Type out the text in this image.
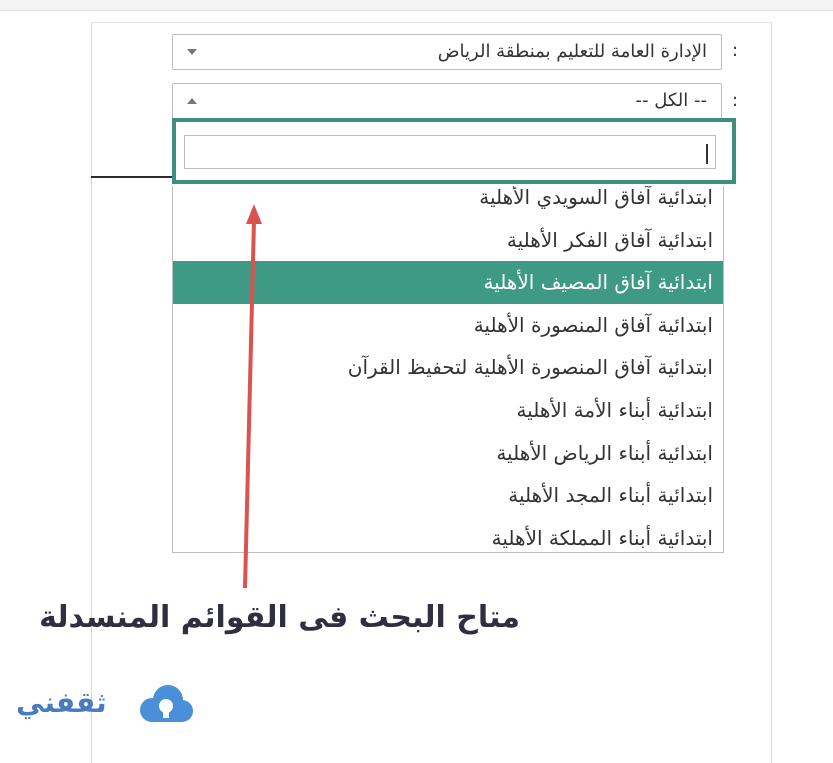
:
الإدارة العامة للتعليم بمنطقة الرياض
:
-- الكل --
ابتدائية آفاق السويدي الأهلية
ابتدائية آفاق الفكر الأهلية
ابتدائية آفاق المصيف الأهلية
ابتدائية آفاق المنصورة الأهلية
ابتدائية آفاق المنصورة الأهلية لتحفيظ القرآن
ابتدائية أبناء الأمة الأهلية
ابتدائية أبناء الرياض الأهلية
ابتدائية أبناء المجد الأهلية
ابتدائية أبناء المملكة الأهلية
متاح البحث فى القوائم المنسدلة
ثقفني
